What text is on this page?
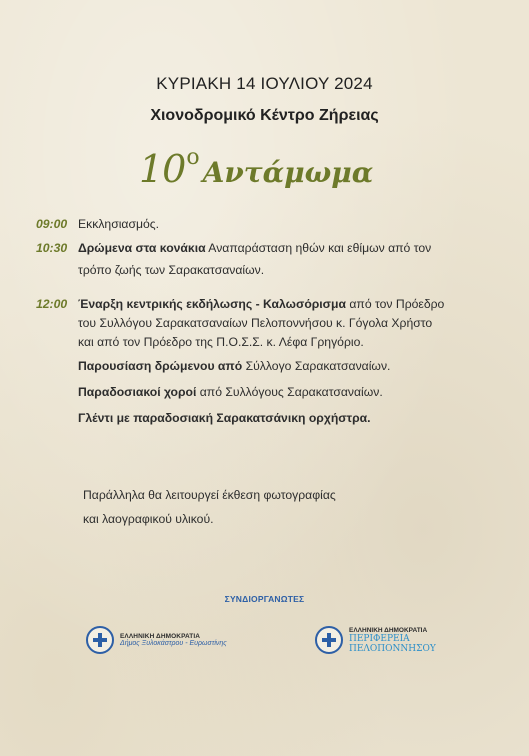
ΚΥΡΙΑΚΗ 14 ΙΟΥΛΙΟΥ 2024
Χιονοδρομικό Κέντρο Ζήρειας
10ο Αντάμωμα
09:00 Εκκλησιασμός.
10:30 Δρώμενα στα κονάκια Αναπαράσταση ηθών και εθίμων από τον
τρόπο ζωής των Σαρακατσαναίων.
12:00 Έναρξη κεντρικής εκδήλωσης - Καλωσόρισμα από τον Πρόεδρο
του Συλλόγου Σαρακατσαναίων Πελοποννήσου κ. Γόγολα Χρήστο
και από τον Πρόεδρο της Π.Ο.Σ.Σ. κ. Λέφα Γρηγόριο.
Παρουσίαση δρώμενου από Σύλλογο Σαρακατσαναίων.
Παραδοσιακοί χοροί από Συλλόγους Σαρακατσαναίων.
Γλέντι με παραδοσιακή Σαρακατσάνικη ορχήστρα.
Παράλληλα θα λειτουργεί έκθεση φωτογραφίας
και λαογραφικού υλικού.
ΣΥΝΔΙΟΡΓΑΝΩΤΕΣ
ΕΛΛΗΝΙΚΗ ΔΗΜΟΚΡΑΤΙΑ
Δήμος Ξυλοκάστρου - Ευρωστίνης
ΕΛΛΗΝΙΚΗ ΔΗΜΟΚΡΑΤΙΑ
ΠΕΡΙΦΕΡΕΙΑ
ΠΕΛΟΠΟΝΝΗΣΟΥ
